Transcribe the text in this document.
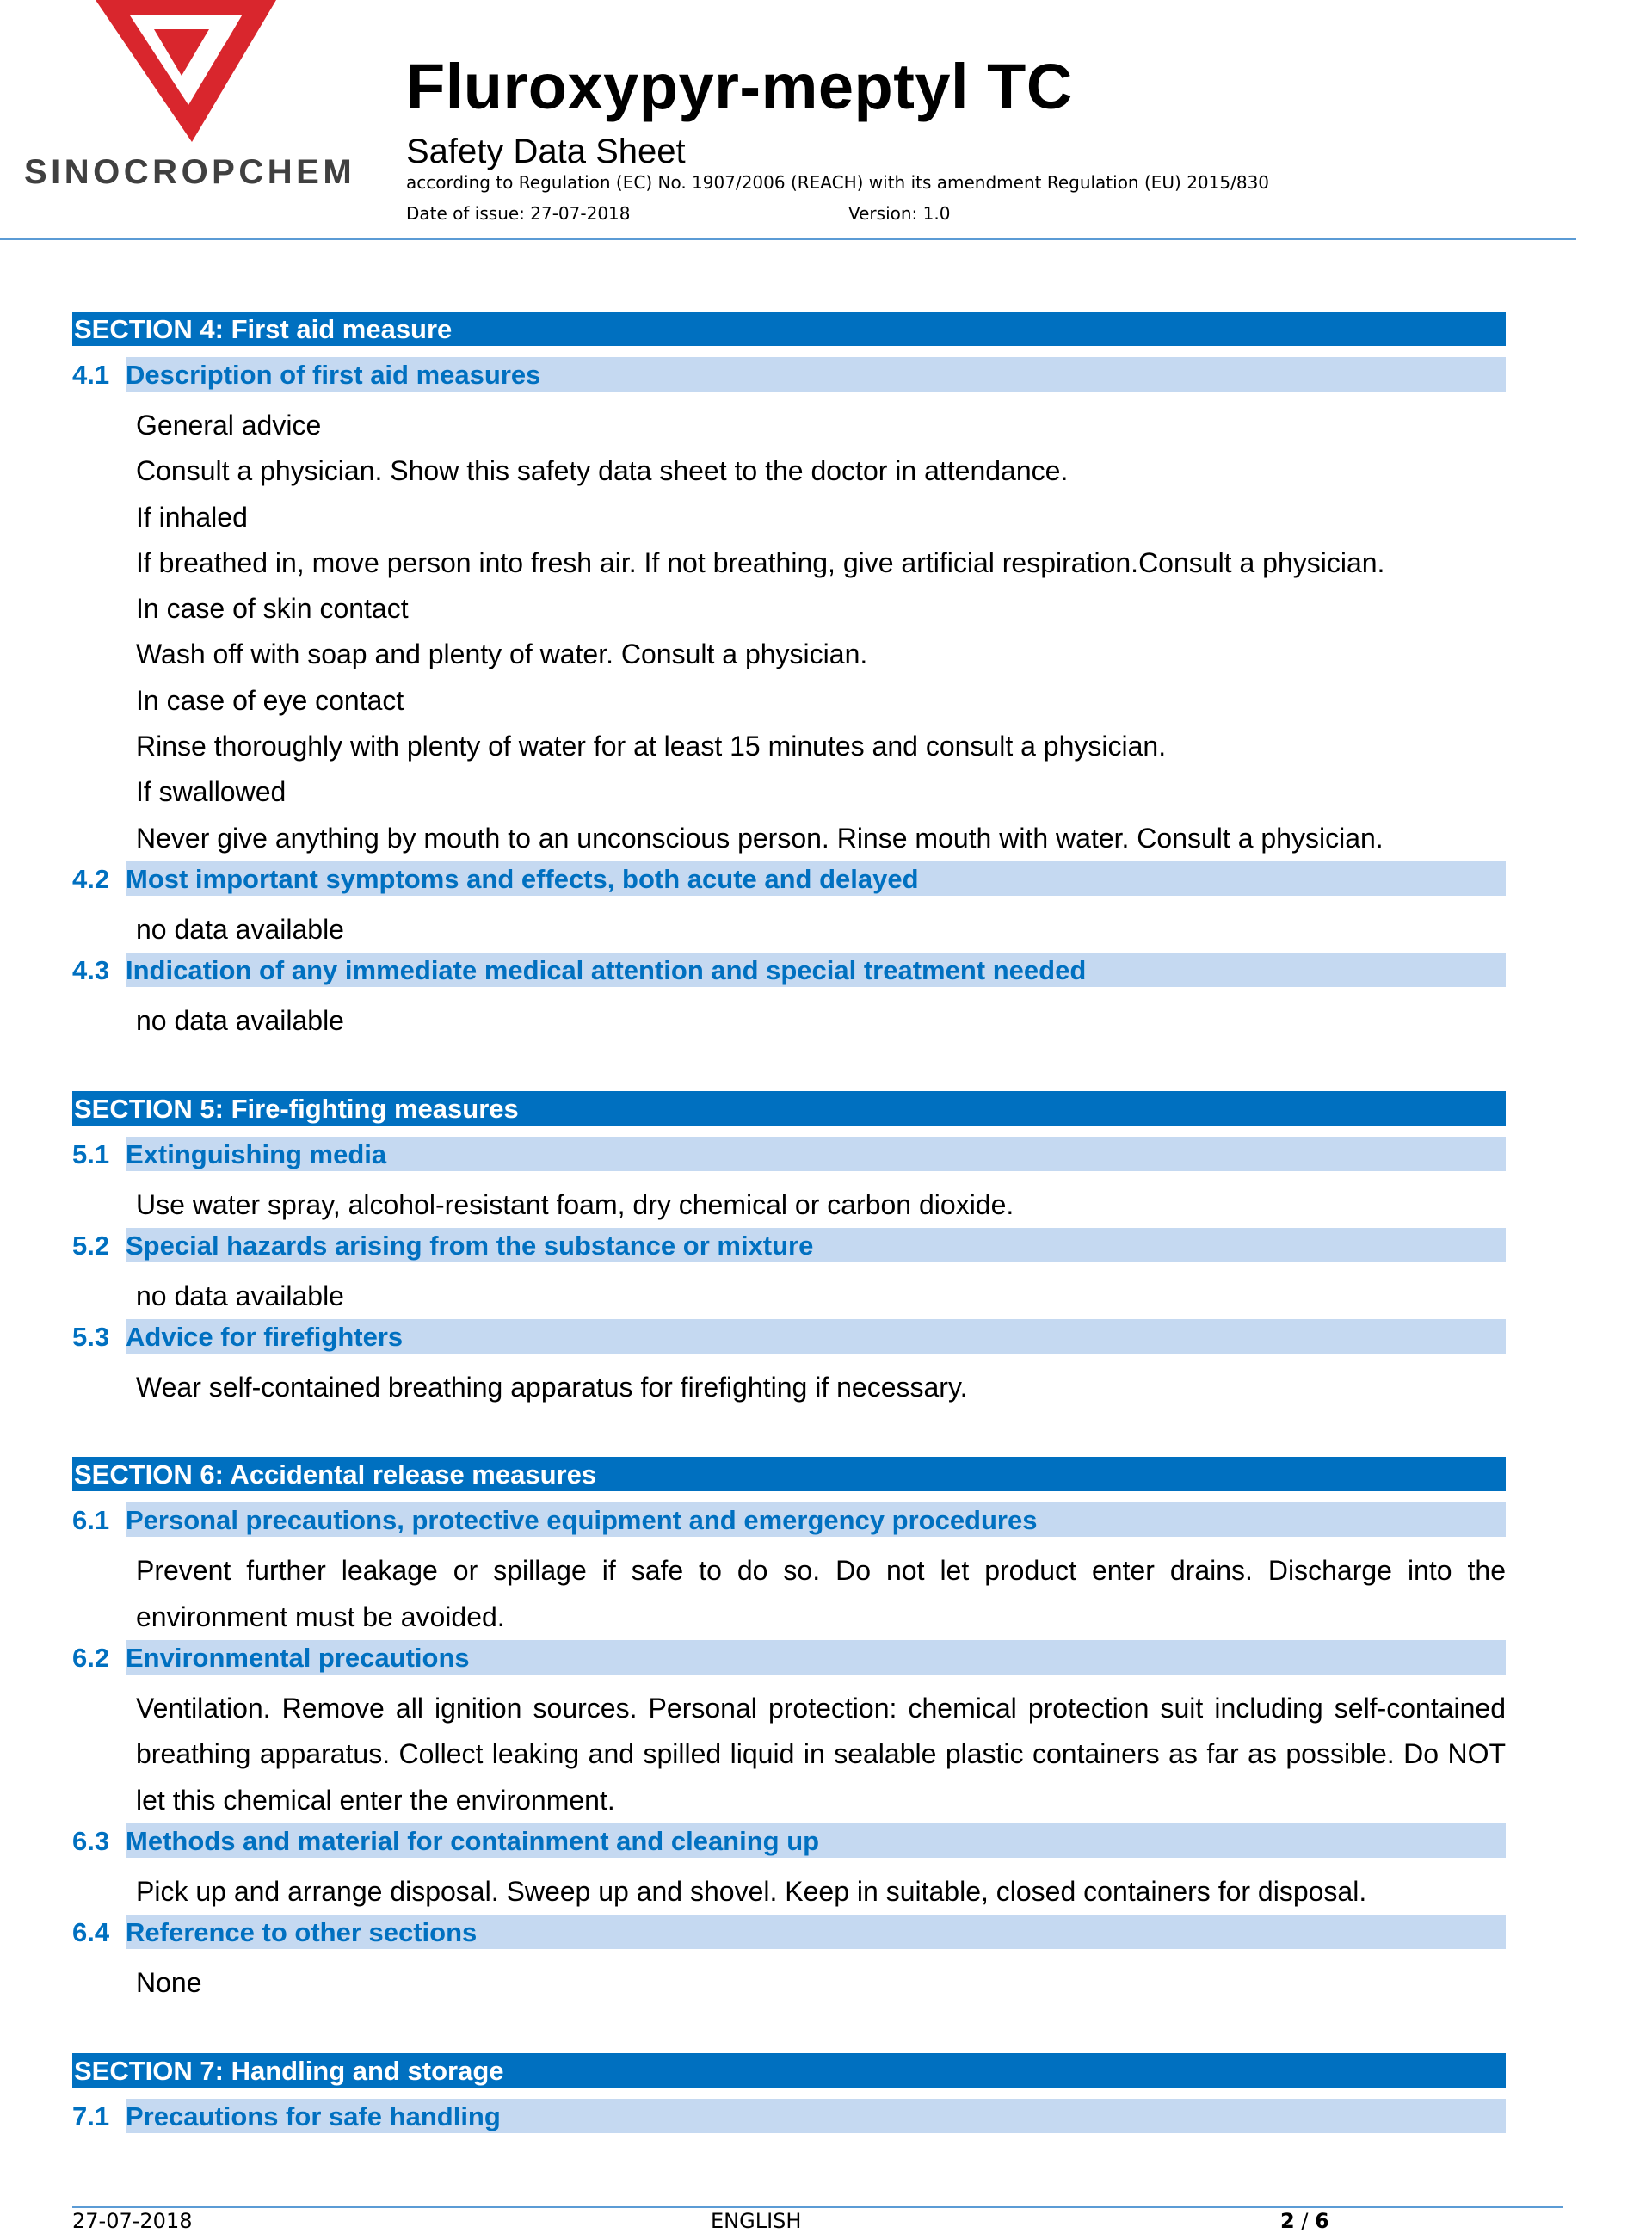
SINOCROPCHEM
Fluroxypyr-meptyl TC
Safety Data Sheet
according to Regulation (EC) No. 1907/2006 (REACH) with its amendment Regulation (EU) 2015/830
Date of issue: 27-07-2018	Version: 1.0
SECTION 4: First aid measure
4.1 Description of first aid measures
General advice
Consult a physician. Show this safety data sheet to the doctor in attendance.
If inhaled
If breathed in, move person into fresh air. If not breathing, give artificial respiration.Consult a physician.
In case of skin contact
Wash off with soap and plenty of water. Consult a physician.
In case of eye contact
Rinse thoroughly with plenty of water for at least 15 minutes and consult a physician.
If swallowed
Never give anything by mouth to an unconscious person. Rinse mouth with water. Consult a physician.
4.2 Most important symptoms and effects, both acute and delayed
no data available
4.3 Indication of any immediate medical attention and special treatment needed
no data available
SECTION 5: Fire-fighting measures
5.1 Extinguishing media
Use water spray, alcohol-resistant foam, dry chemical or carbon dioxide.
5.2 Special hazards arising from the substance or mixture
no data available
5.3 Advice for firefighters
Wear self-contained breathing apparatus for firefighting if necessary.
SECTION 6: Accidental release measures
6.1 Personal precautions, protective equipment and emergency procedures
Prevent further leakage or spillage if safe to do so. Do not let product enter drains. Discharge into the environment must be avoided.
6.2 Environmental precautions
Ventilation. Remove all ignition sources. Personal protection: chemical protection suit including self-contained breathing apparatus. Collect leaking and spilled liquid in sealable plastic containers as far as possible. Do NOT let this chemical enter the environment.
6.3 Methods and material for containment and cleaning up
Pick up and arrange disposal. Sweep up and shovel. Keep in suitable, closed containers for disposal.
6.4 Reference to other sections
None
SECTION 7: Handling and storage
7.1 Precautions for safe handling
27-07-2018	ENGLISH	2 / 6
